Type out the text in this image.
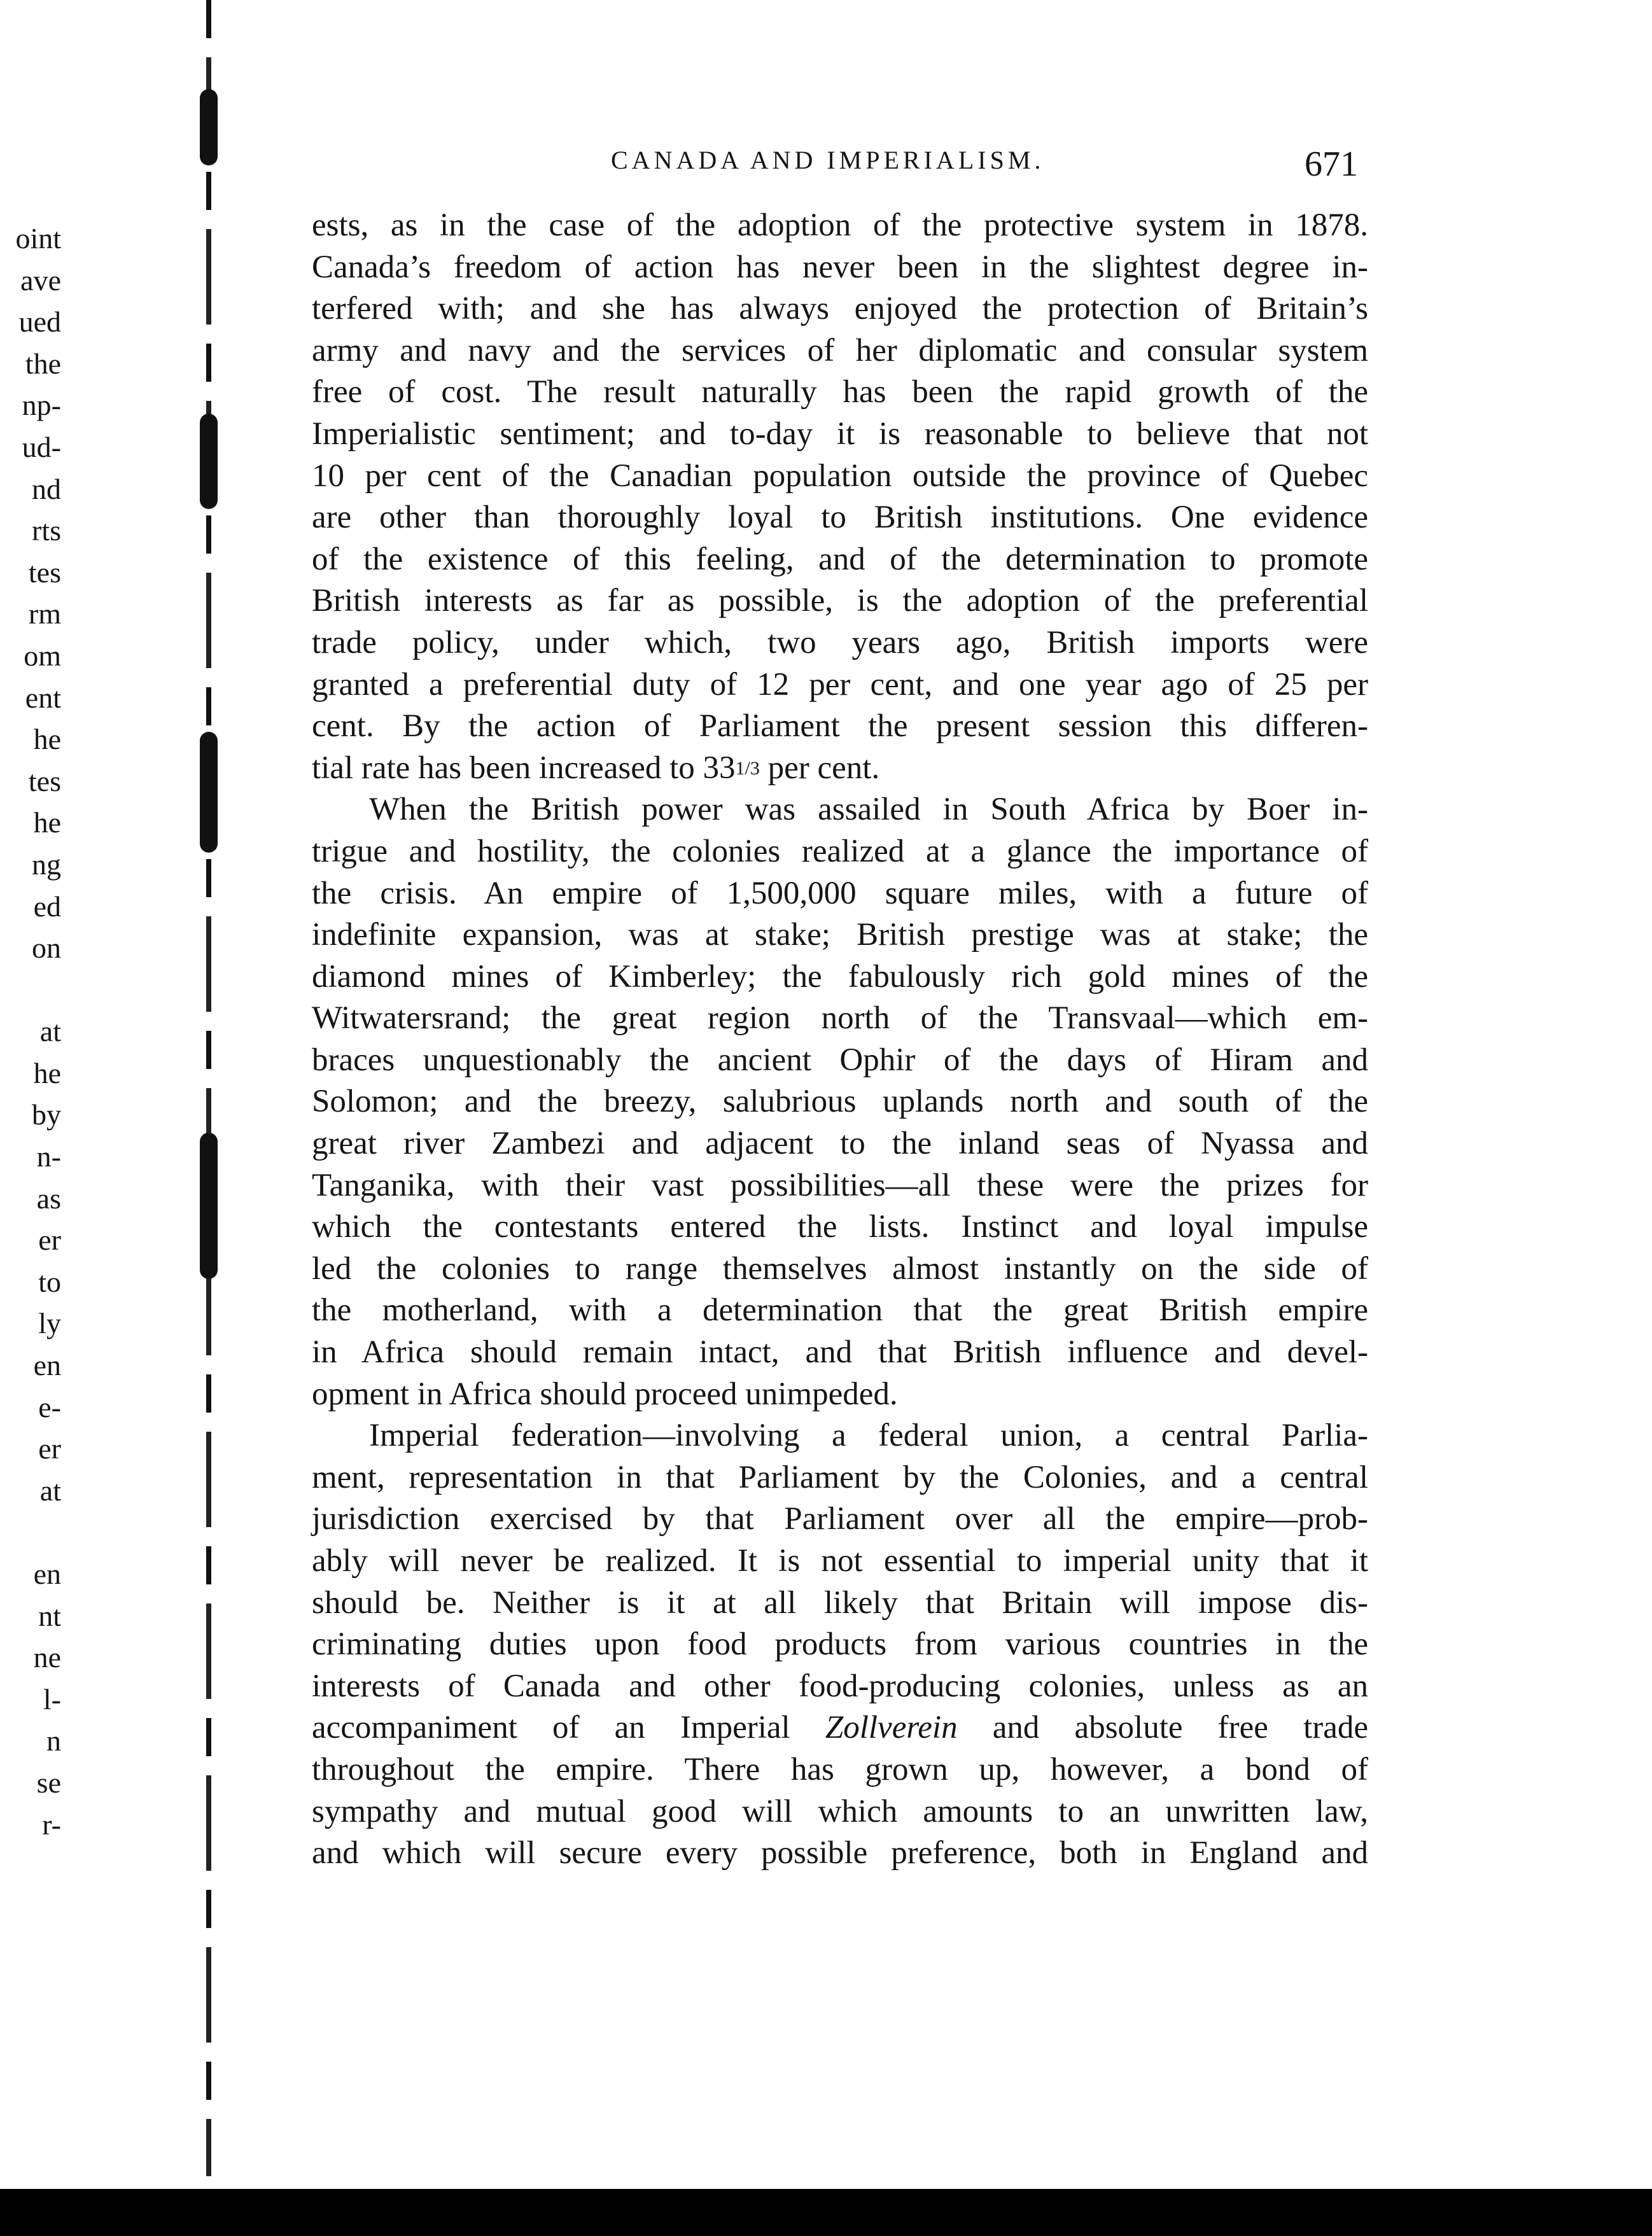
oint
ave
ued
the
np-
ud-
nd
rts
tes
rm
om
ent
he
tes
he
ng
ed
on
at
he
by
n-
as
er
to
ly
en
e-
er
at
en
nt
ne
l-
n
se
r-
CANADA AND IMPERIALISM.	671
ests, as in the case of the adoption of the protective system in 1878.
Canada’s freedom of action has never been in the slightest degree in-
terfered with; and she has always enjoyed the protection of Britain’s
army and navy and the services of her diplomatic and consular system
free of cost. The result naturally has been the rapid growth of the
Imperialistic sentiment; and to-day it is reasonable to believe that not
10 per cent of the Canadian population outside the province of Quebec
are other than thoroughly loyal to British institutions. One evidence
of the existence of this feeling, and of the determination to promote
British interests as far as possible, is the adoption of the preferential
trade policy, under which, two years ago, British imports were
granted a preferential duty of 12 per cent, and one year ago of 25 per
cent. By the action of Parliament the present session this differen-
tial rate has been increased to 331/3 per cent.
When the British power was assailed in South Africa by Boer in-
trigue and hostility, the colonies realized at a glance the importance of
the crisis. An empire of 1,500,000 square miles, with a future of
indefinite expansion, was at stake; British prestige was at stake; the
diamond mines of Kimberley; the fabulously rich gold mines of the
Witwatersrand; the great region north of the Transvaal—which em-
braces unquestionably the ancient Ophir of the days of Hiram and
Solomon; and the breezy, salubrious uplands north and south of the
great river Zambezi and adjacent to the inland seas of Nyassa and
Tanganika, with their vast possibilities—all these were the prizes for
which the contestants entered the lists. Instinct and loyal impulse
led the colonies to range themselves almost instantly on the side of
the motherland, with a determination that the great British empire
in Africa should remain intact, and that British influence and devel-
opment in Africa should proceed unimpeded.
Imperial federation—involving a federal union, a central Parlia-
ment, representation in that Parliament by the Colonies, and a central
jurisdiction exercised by that Parliament over all the empire—prob-
ably will never be realized. It is not essential to imperial unity that it
should be. Neither is it at all likely that Britain will impose dis-
criminating duties upon food products from various countries in the
interests of Canada and other food-producing colonies, unless as an
accompaniment of an Imperial Zollverein and absolute free trade
throughout the empire. There has grown up, however, a bond of
sympathy and mutual good will which amounts to an unwritten law,
and which will secure every possible preference, both in England and
